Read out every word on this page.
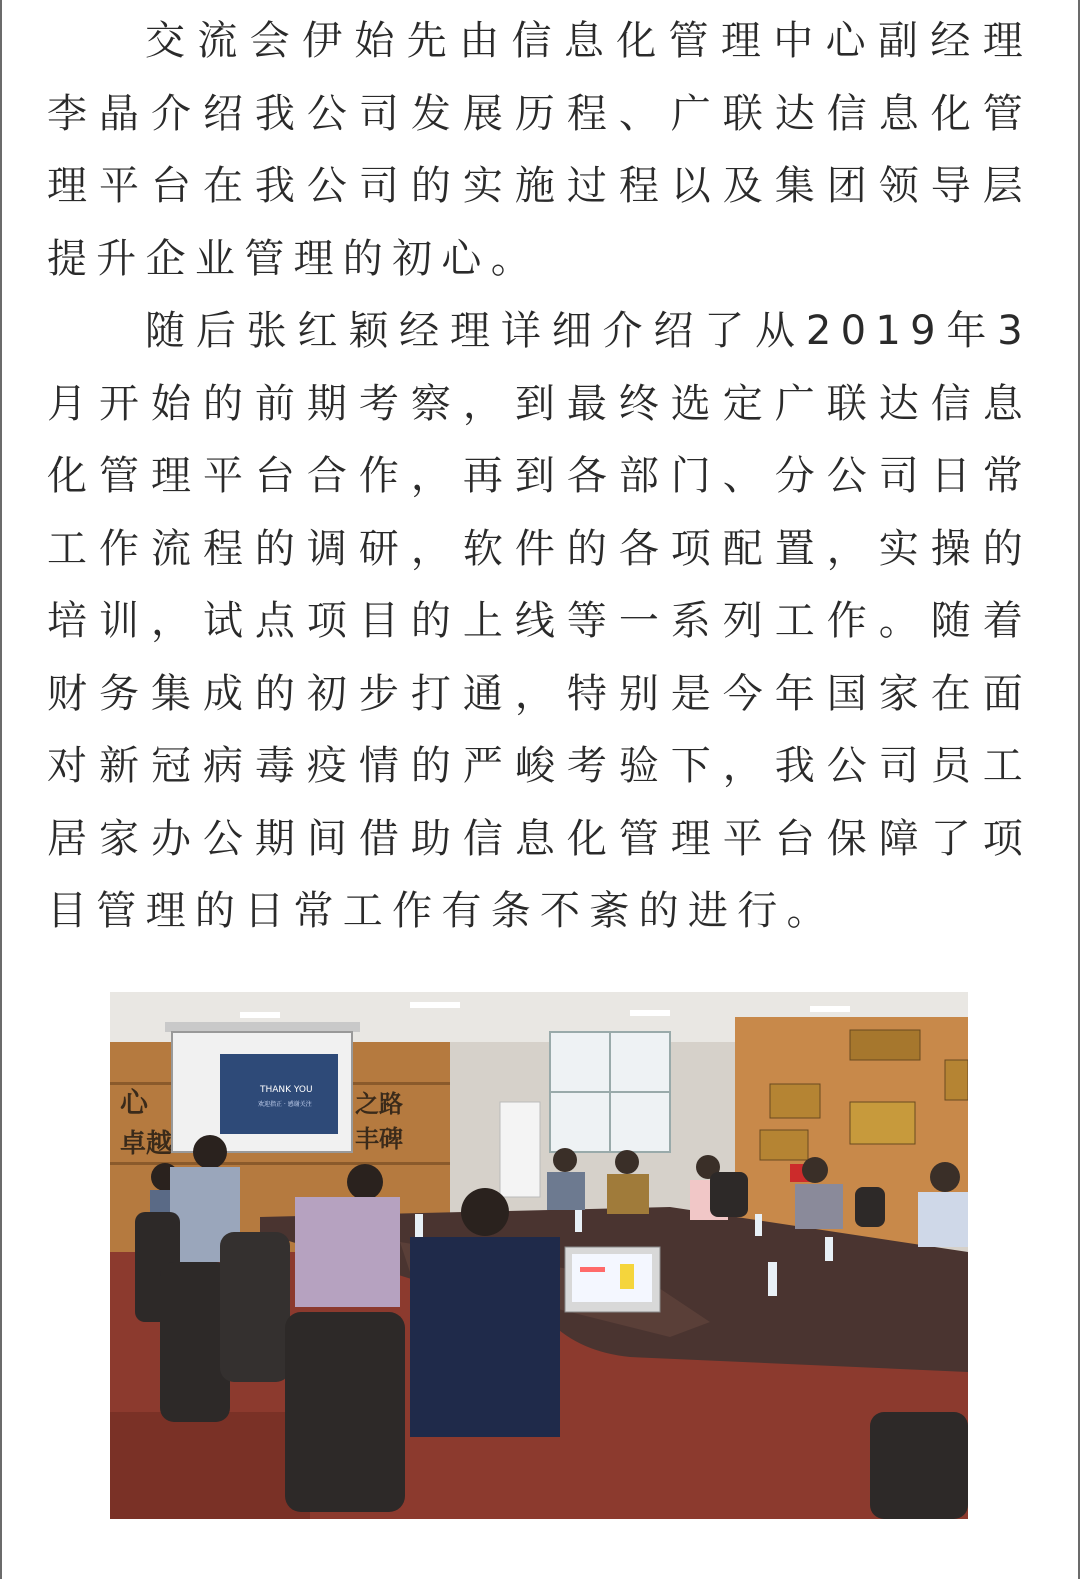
交流会伊始先由信息化管理中心副经理李晶介绍我公司发展历程、广联达信息化管理平台在我公司的实施过程以及集团领导层提升企业管理的初心。

随后张红颖经理详细介绍了从2019年3月开始的前期考察，到最终选定广联达信息化管理平台合作，再到各部门、分公司日常工作流程的调研，软件的各项配置，实操的培训，试点项目的上线等一系列工作。随着财务集成的初步打通，特别是今年国家在面对新冠病毒疫情的严峻考验下，我公司员工居家办公期间借助信息化管理平台保障了项目管理的日常工作有条不紊的进行。

心
卓越
之路
丰碑
THANK YOU
欢迎指正 · 感谢关注
